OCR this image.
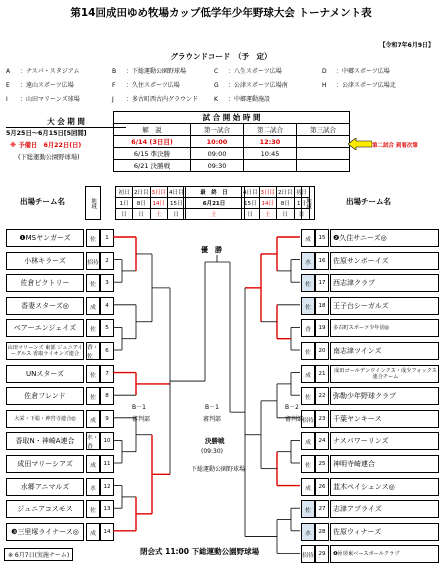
第14回成田ゆめ牧場カップ低学年少年野球大会 トーナメント表
【令和7年6月9日】
グラウンドコード　（予　定）
A ：ナスパ・スタジアム	B ：下総運動公園野球場	C ：八生スポーツ広場	D ：中郷スポーツ広場
E ：遠山スポーツ広場	F ：久住スポーツ広場	G ：公津スポーツ広場南	H ：公津スポーツ広場北
I ：山田マリーンズ球場	J ：多古町西古内グラウンド	K ：中郷運動施設
大 会 期 間
5月25日～6月15日[5回間]
※ 予備日　6月22日(日)
(下総運動公園野球場)
試 合 開 始 時 間			
解　説	第一試合	第二試合	第三試合
6/14 (3日目)	10:00	12:30	
6/15 準決勝	09:00	10:45	
6/21 決勝戦	09:30		
第二試合 到着次第
出場チーム名	地域	出場チーム名
地域
初日	2日目	3日目	4日目
1日	8日	14日	15日
日	日	土	日
最　終　日
6月21日
土
4日目	3日目	2日目	初日
15日	14日	8日	1日
日	土	日	日
❶MSヤンガーズ	佐	1
小林キラーズ	招待	2
佐倉ビクトリー	佐	3
香妻スターズ◎	成	4
ベアーエンジェイズ	佐	5
山田マリーンズ 東部 ジュニアイーグルス 香取ライオンズ連合
香・佐
6
UNスターズ	佐	7
佐倉フレンド	佐	8
大栄・下総・神宮寺連合◎	成	9
香取N・神崎A連合	水・香
10
成田マリーシアズ	成	11
水郷アニマルズ	水	12
ジュニアコスモス	佐	13
❸三里塚ライナース◎	成	14
❷久住サニーズ◎
成	15
佐原サンボーイズ
水	16
西志津クラブ
佐	17
王子台シーガルズ
佐	18
多古町スポーツ少年団◎
香	19
南志津ツインズ
佐	20
成田ゴールデンウインクス・成少フォックス連合チーム
成	21
弥勒少年野球クラブ
佐	22
千葉ヤンキース
招待 23
ナスパワーリンズ
成	24
神明寺崎連合
佐	25
韮木ペイシェンス◎
成	26
志津アプライズ
佐	27
佐原ウィナーズ
水	28
❹匝瑳東ベースボールクラブ
招待 29
優　勝
B－1
審判部
B－2
審判部
B－1
審判部
決勝戦
(09:30)
下総運動公園野球場
閉会式 11:00 下総運動公園野球場
※ 6月7日(実施ナーム)
